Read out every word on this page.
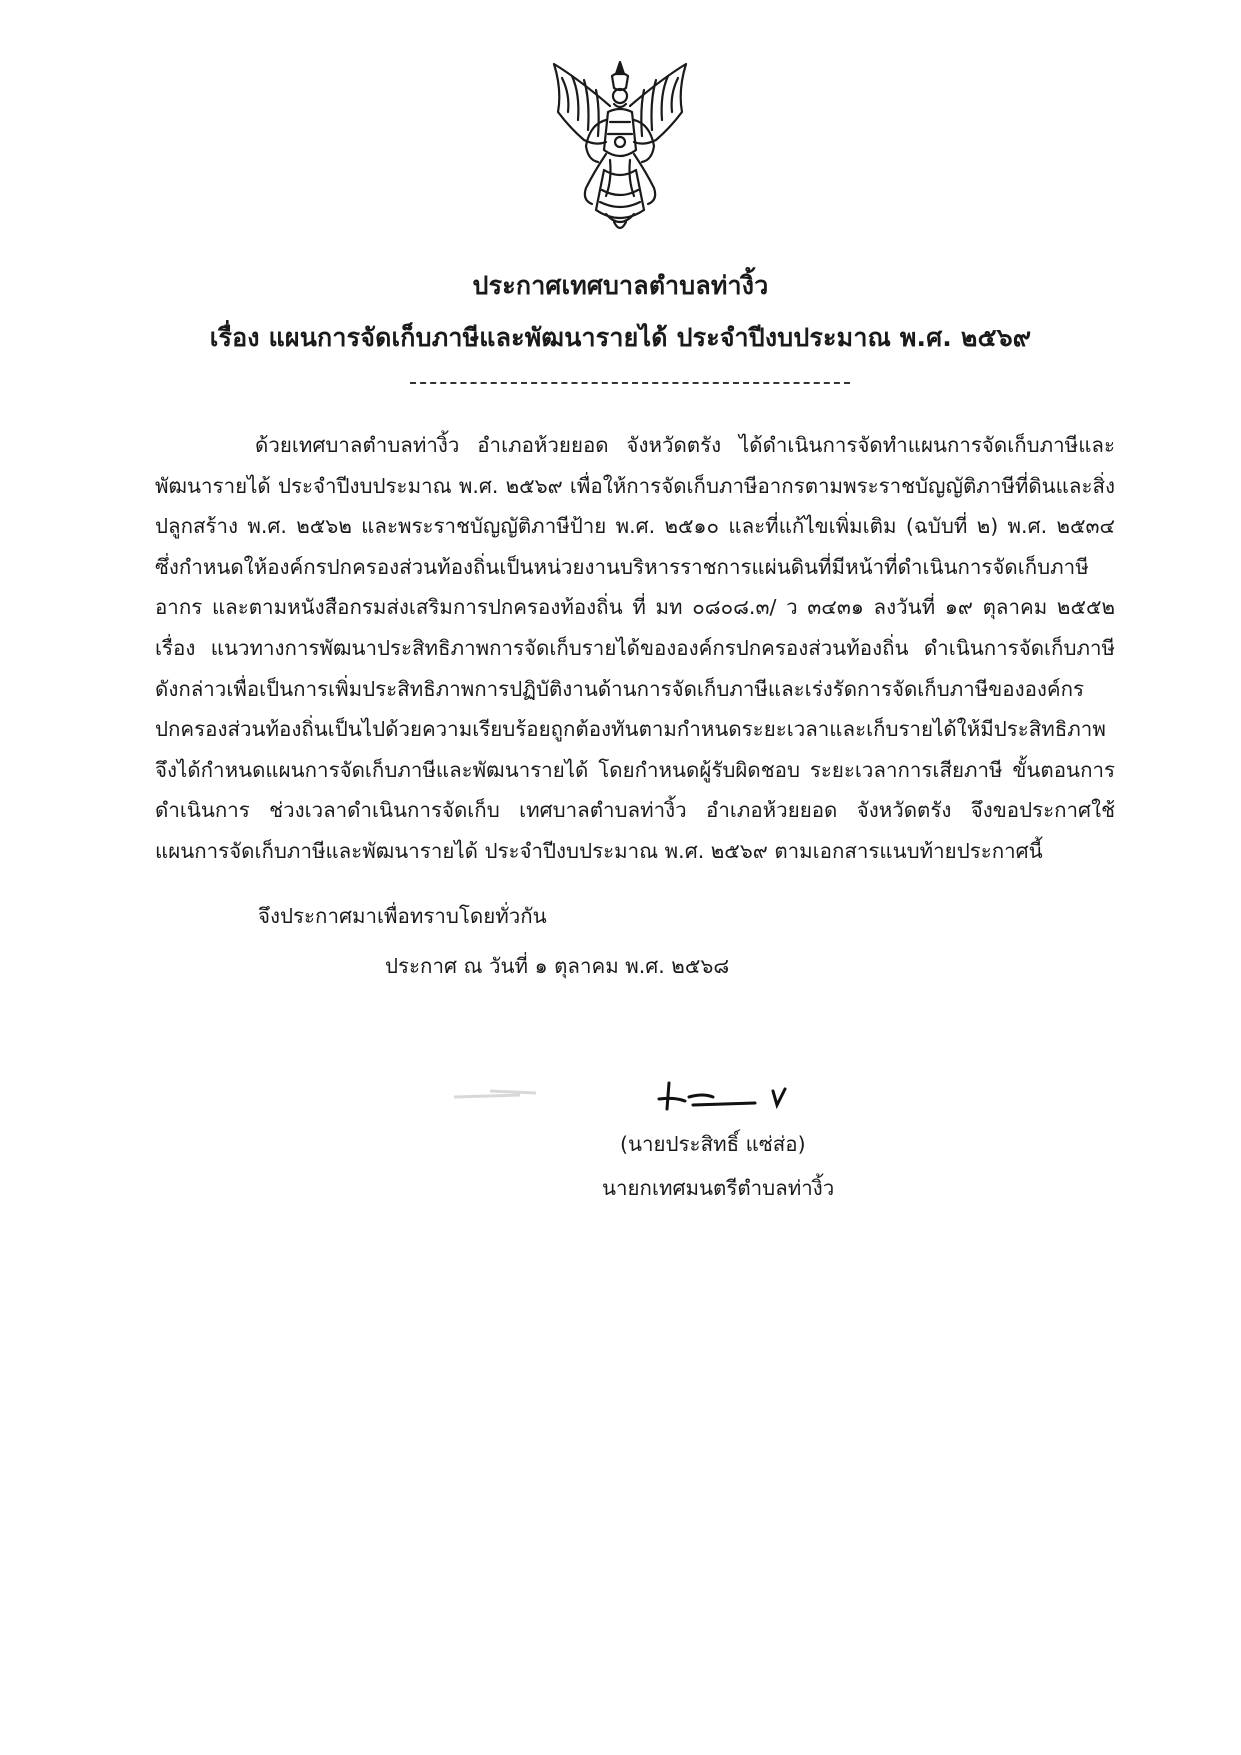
ประกาศเทศบาลตำบลท่างิ้ว
เรื่อง แผนการจัดเก็บภาษีและพัฒนารายได้ ประจำปีงบประมาณ พ.ศ. ๒๕๖๙
ด้วยเทศบาลตำบลท่างิ้ว อำเภอห้วยยอด จังหวัดตรัง ได้ดำเนินการจัดทำแผนการจัดเก็บภาษีและพัฒนารายได้ ประจำปีงบประมาณ พ.ศ. ๒๕๖๙ เพื่อให้การจัดเก็บภาษีอากรตามพระราชบัญญัติภาษีที่ดินและสิ่งปลูกสร้าง พ.ศ. ๒๕๖๒ และพระราชบัญญัติภาษีป้าย พ.ศ. ๒๕๑๐ และที่แก้ไขเพิ่มเติม (ฉบับที่ ๒) พ.ศ. ๒๕๓๔ ซึ่งกำหนดให้องค์กรปกครองส่วนท้องถิ่นเป็นหน่วยงานบริหารราชการแผ่นดินที่มีหน้าที่ดำเนินการจัดเก็บภาษีอากร และตามหนังสือกรมส่งเสริมการปกครองท้องถิ่น ที่ มท ๐๘๐๘.๓/ ว ๓๔๓๑ ลงวันที่ ๑๙ ตุลาคม ๒๕๕๒ เรื่อง แนวทางการพัฒนาประสิทธิภาพการจัดเก็บรายได้ขององค์กรปกครองส่วนท้องถิ่น ดำเนินการจัดเก็บภาษีดังกล่าวเพื่อเป็นการเพิ่มประสิทธิภาพการปฏิบัติงานด้านการจัดเก็บภาษีและเร่งรัดการจัดเก็บภาษีขององค์กรปกครองส่วนท้องถิ่นเป็นไปด้วยความเรียบร้อยถูกต้องทันตามกำหนดระยะเวลาและเก็บรายได้ให้มีประสิทธิภาพ จึงได้กำหนดแผนการจัดเก็บภาษีและพัฒนารายได้ โดยกำหนดผู้รับผิดชอบ ระยะเวลาการเสียภาษี ขั้นตอนการดำเนินการ ช่วงเวลาดำเนินการจัดเก็บ เทศบาลตำบลท่างิ้ว อำเภอห้วยยอด จังหวัดตรัง จึงขอประกาศใช้แผนการจัดเก็บภาษีและพัฒนารายได้ ประจำปีงบประมาณ พ.ศ. ๒๕๖๙ ตามเอกสารแนบท้ายประกาศนี้
จึงประกาศมาเพื่อทราบโดยทั่วกัน
ประกาศ ณ วันที่ ๑ ตุลาคม พ.ศ. ๒๕๖๘
(นายประสิทธิ์ แซ่ส่อ)
นายกเทศมนตรีตำบลท่างิ้ว
